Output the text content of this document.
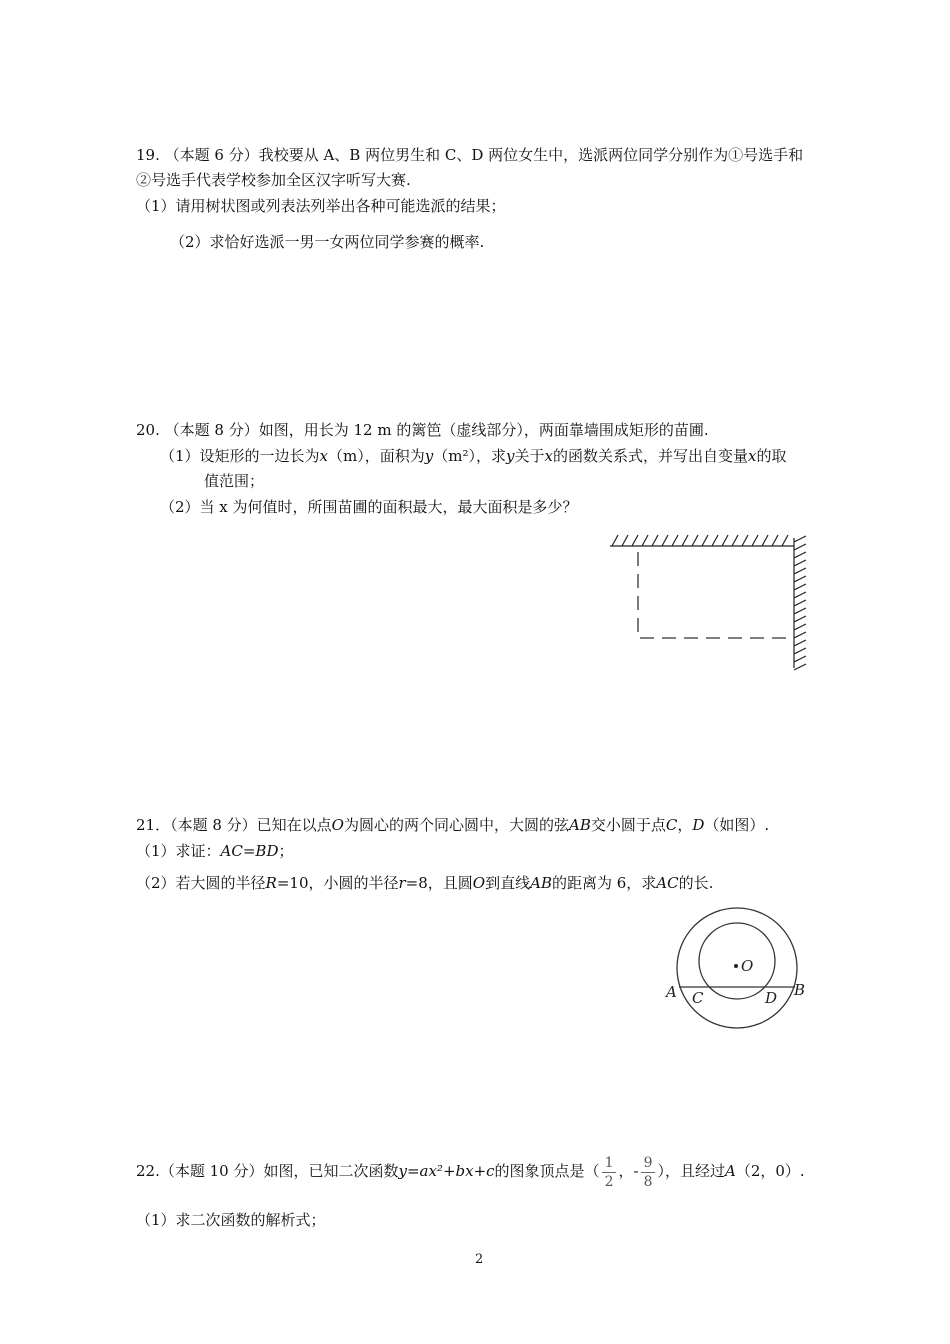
19. （本题 6 分）我校要从 A、B 两位男生和 C、D 两位女生中，选派两位同学分别作为①号选手和
②号选手代表学校参加全区汉字听写大赛.
（1）请用树状图或列表法列举出各种可能选派的结果；
（2）求恰好选派一男一女两位同学参赛的概率.
20. （本题 8 分）如图，用长为 12 m 的篱笆（虚线部分），两面靠墙围成矩形的苗圃.
（1）设矩形的一边长为x（m），面积为y（m²），求y关于x的函数关系式，并写出自变量x的取
值范围；
（2）当 x 为何值时，所围苗圃的面积最大，最大面积是多少？
21．（本题 8 分）已知在以点O为圆心的两个同心圆中，大圆的弦AB交小圆于点C，D（如图）.
（1）求证：AC=BD；
（2）若大圆的半径R=10，小圆的半径r=8，且圆O到直线AB的距离为 6，求AC的长.
O
A	B
C	D
22.（本题 10 分）如图，已知二次函数y=ax²+bx+c的图象顶点是（ $\frac{1}{2}$ ，- $\frac{9}{8}$ ），且经过A（2，0）.
（1）求二次函数的解析式；
2
